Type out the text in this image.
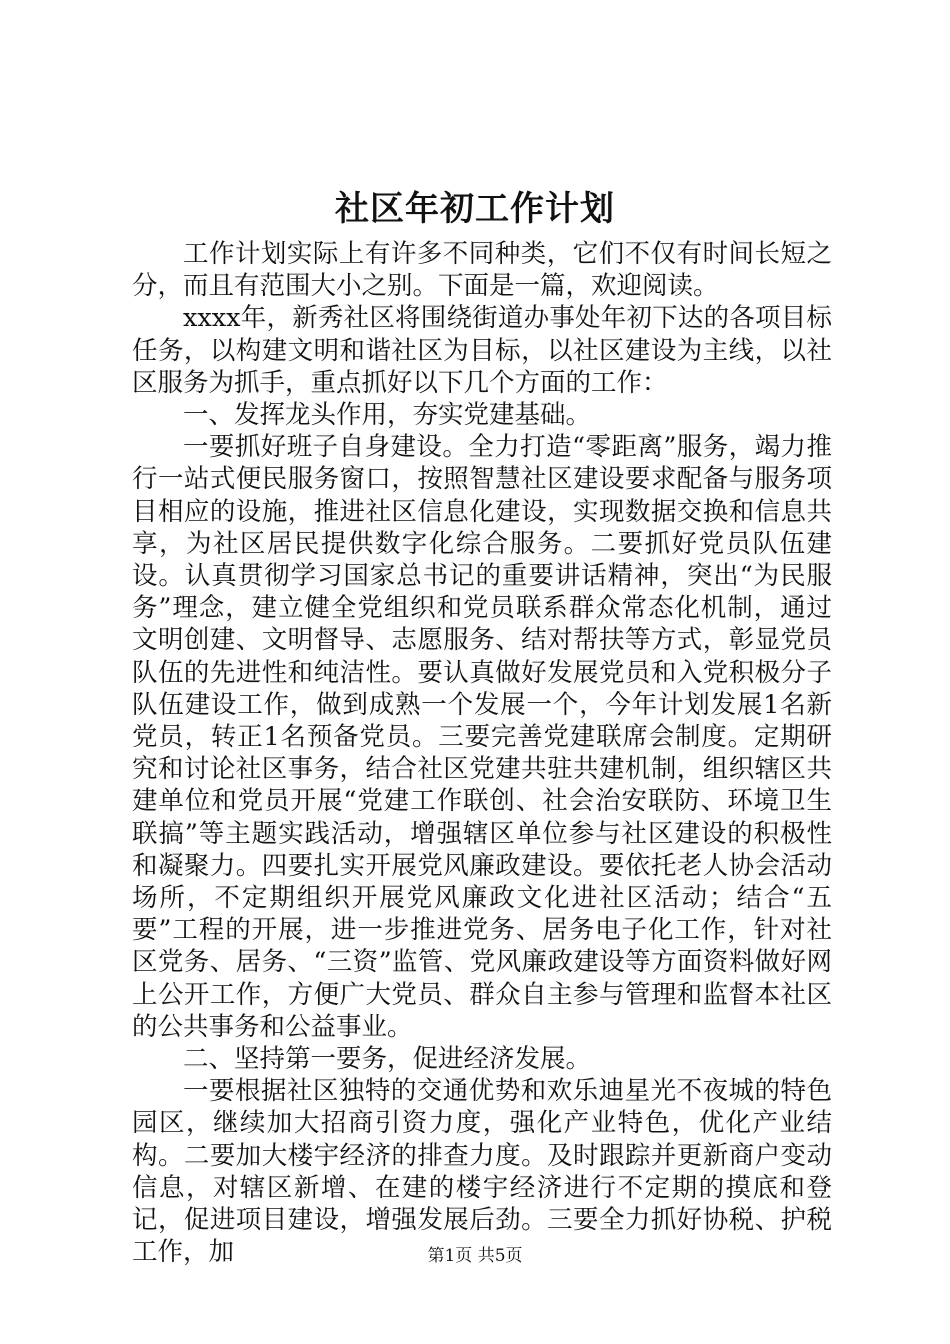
社区年初工作计划

工作计划实际上有许多不同种类，它们不仅有时间长短之分，而且有范围大小之别。下面是一篇，欢迎阅读。

xxxx年，新秀社区将围绕街道办事处年初下达的各项目标任务，以构建文明和谐社区为目标，以社区建设为主线，以社区服务为抓手，重点抓好以下几个方面的工作：

一、发挥龙头作用，夯实党建基础。

一要抓好班子自身建设。全力打造“零距离”服务，竭力推行一站式便民服务窗口，按照智慧社区建设要求配备与服务项目相应的设施，推进社区信息化建设，实现数据交换和信息共享，为社区居民提供数字化综合服务。二要抓好党员队伍建设。认真贯彻学习国家总书记的重要讲话精神，突出“为民服务”理念，建立健全党组织和党员联系群众常态化机制，通过文明创建、文明督导、志愿服务、结对帮扶等方式，彰显党员队伍的先进性和纯洁性。要认真做好发展党员和入党积极分子队伍建设工作，做到成熟一个发展一个，今年计划发展1名新党员，转正1名预备党员。三要完善党建联席会制度。定期研究和讨论社区事务，结合社区党建共驻共建机制，组织辖区共建单位和党员开展“党建工作联创、社会治安联防、环境卫生联搞”等主题实践活动，增强辖区单位参与社区建设的积极性和凝聚力。四要扎实开展党风廉政建设。要依托老人协会活动场所，不定期组织开展党风廉政文化进社区活动；结合“五要”工程的开展，进一步推进党务、居务电子化工作，针对社区党务、居务、“三资”监管、党风廉政建设等方面资料做好网上公开工作，方便广大党员、群众自主参与管理和监督本社区的公共事务和公益事业。

二、坚持第一要务，促进经济发展。

一要根据社区独特的交通优势和欢乐迪星光不夜城的特色园区，继续加大招商引资力度，强化产业特色，优化产业结构。二要加大楼宇经济的排查力度。及时跟踪并更新商户变动信息，对辖区新增、在建的楼宇经济进行不定期的摸底和登记，促进项目建设，增强发展后劲。三要全力抓好协税、护税工作，加	第1页 共5页
